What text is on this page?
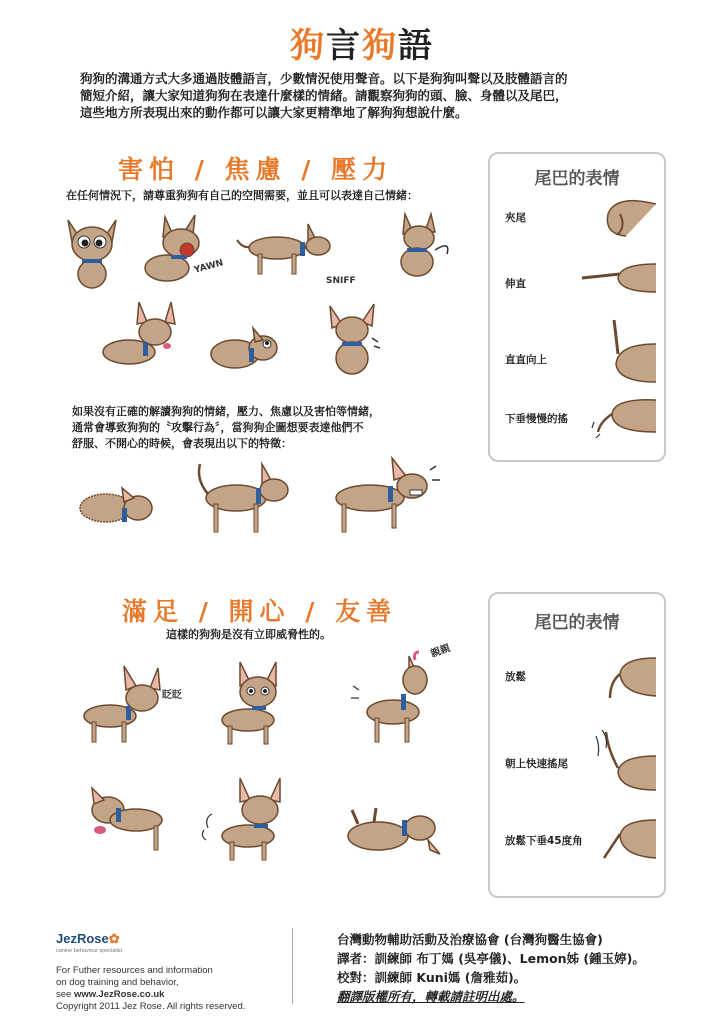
狗言狗語
狗狗的溝通方式大多通過肢體語言，少數情況使用聲音。以下是狗狗叫聲以及肢體語言的
簡短介紹，讓大家知道狗狗在表達什麼樣的情緒。請觀察狗狗的頭、臉、身體以及尾巴，
這些地方所表現出來的動作都可以讓大家更精準地了解狗狗想說什麼。
害怕 / 焦慮 / 壓力
在任何情況下，請尊重狗狗有自己的空間需要，並且可以表達自己情緒：
YAWN
SNIFF
如果沒有正確的解讀狗狗的情緒，壓力、焦慮以及害怕等情緒，
通常會導致狗狗的〝攻擊行為〞，當狗狗企圖想要表達他們不
舒服、不開心的時候，會表現出以下的特徵：
尾巴的表情
夾尾
伸直
直直向上
下垂慢慢的搖
滿足 / 開心 / 友善
這樣的狗狗是沒有立即威脅性的。
眨眨
親親
尾巴的表情
放鬆
朝上快速搖尾
放鬆下垂45度角
JezRose✿
canine behaviour specialist
For Futher resources and information
on dog training and behavior,
see www.JezRose.co.uk
Copyright 2011 Jez Rose. All rights reserved.
台灣動物輔助活動及治療協會 (台灣狗醫生協會)
譯者：訓練師 布丁媽 (吳亭儀)、Lemon姊 (鍾玉婷)。
校對：訓練師 Kuni媽 (詹雅茹)。
翻譯版權所有，轉載請註明出處。
